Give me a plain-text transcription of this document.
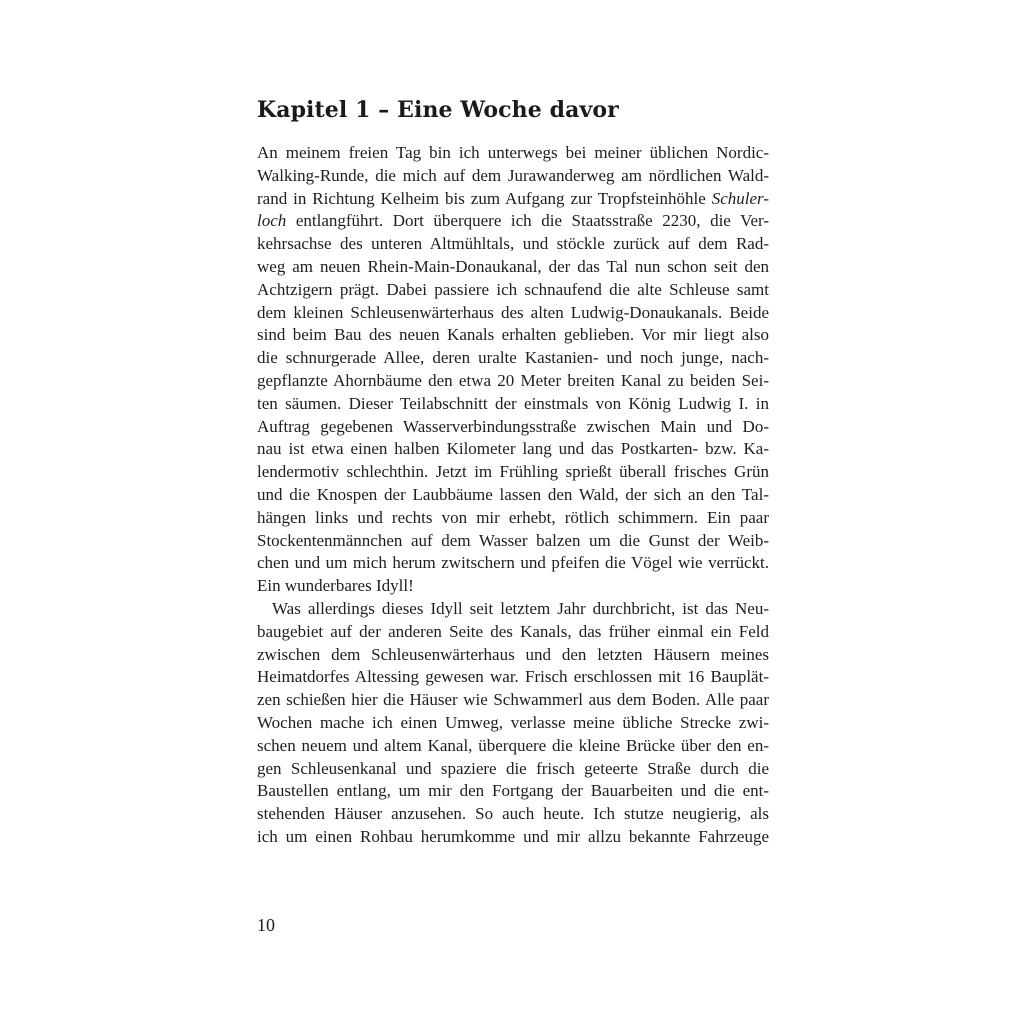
Kapitel 1 – Eine Woche davor
An meinem freien Tag bin ich unterwegs bei meiner üblichen Nordic-
Walking-Runde, die mich auf dem Jurawanderweg am nördlichen Wald-
rand in Richtung Kelheim bis zum Aufgang zur Tropfsteinhöhle Schuler-
loch entlangführt. Dort überquere ich die Staatsstraße 2230, die Ver-
kehrsachse des unteren Altmühltals, und stöckle zurück auf dem Rad-
weg am neuen Rhein-Main-Donaukanal, der das Tal nun schon seit den
Achtzigern prägt. Dabei passiere ich schnaufend die alte Schleuse samt
dem kleinen Schleusenwärterhaus des alten Ludwig-Donaukanals. Beide
sind beim Bau des neuen Kanals erhalten geblieben. Vor mir liegt also
die schnurgerade Allee, deren uralte Kastanien- und noch junge, nach-
gepflanzte Ahornbäume den etwa 20 Meter breiten Kanal zu beiden Sei-
ten säumen. Dieser Teilabschnitt der einstmals von König Ludwig I. in
Auftrag gegebenen Wasserverbindungsstraße zwischen Main und Do-
nau ist etwa einen halben Kilometer lang und das Postkarten- bzw. Ka-
lendermotiv schlechthin. Jetzt im Frühling sprießt überall frisches Grün
und die Knospen der Laubbäume lassen den Wald, der sich an den Tal-
hängen links und rechts von mir erhebt, rötlich schimmern. Ein paar
Stockentenmännchen auf dem Wasser balzen um die Gunst der Weib-
chen und um mich herum zwitschern und pfeifen die Vögel wie verrückt.
Ein wunderbares Idyll!
Was allerdings dieses Idyll seit letztem Jahr durchbricht, ist das Neu-
baugebiet auf der anderen Seite des Kanals, das früher einmal ein Feld
zwischen dem Schleusenwärterhaus und den letzten Häusern meines
Heimatdorfes Altessing gewesen war. Frisch erschlossen mit 16 Bauplät-
zen schießen hier die Häuser wie Schwammerl aus dem Boden. Alle paar
Wochen mache ich einen Umweg, verlasse meine übliche Strecke zwi-
schen neuem und altem Kanal, überquere die kleine Brücke über den en-
gen Schleusenkanal und spaziere die frisch geteerte Straße durch die
Baustellen entlang, um mir den Fortgang der Bauarbeiten und die ent-
stehenden Häuser anzusehen. So auch heute. Ich stutze neugierig, als
ich um einen Rohbau herumkomme und mir allzu bekannte Fahrzeuge
10
